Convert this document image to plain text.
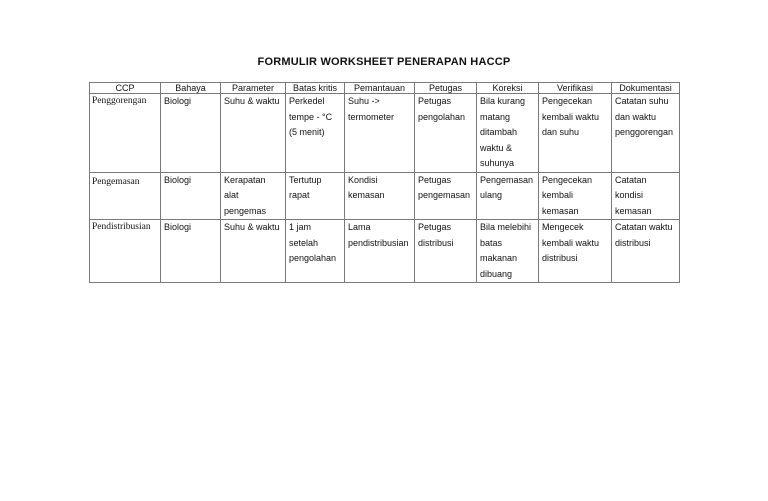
FORMULIR WORKSHEET PENERAPAN HACCP
CCP	Bahaya	Parameter	Batas kritis	Pemantauan	Petugas	Koreksi	Verifikasi	Dokumentasi

Penggorengan	Biologi	Suhu & waktu	Perkedel
tempe - °C
(5 menit)	Suhu ->
termometer	Petugas
pengolahan	Bila kurang
matang
ditambah
waktu &
suhunya	Pengecekan
kembali waktu
dan suhu	Catatan suhu
dan waktu
penggorengan

Pengemasan	Biologi	Kerapatan
alat
pengemas	Tertutup
rapat	Kondisi
kemasan	Petugas
pengemasan	Pengemasan
ulang	Pengecekan
kembali
kemasan	Catatan
kondisi
kemasan

Pendistribusian	Biologi	Suhu & waktu	1 jam
setelah
pengolahan	Lama
pendistribusian	Petugas
distribusi	Bila melebihi
batas
makanan
dibuang	Mengecek
kembali waktu
distribusi	Catatan waktu
distribusi
